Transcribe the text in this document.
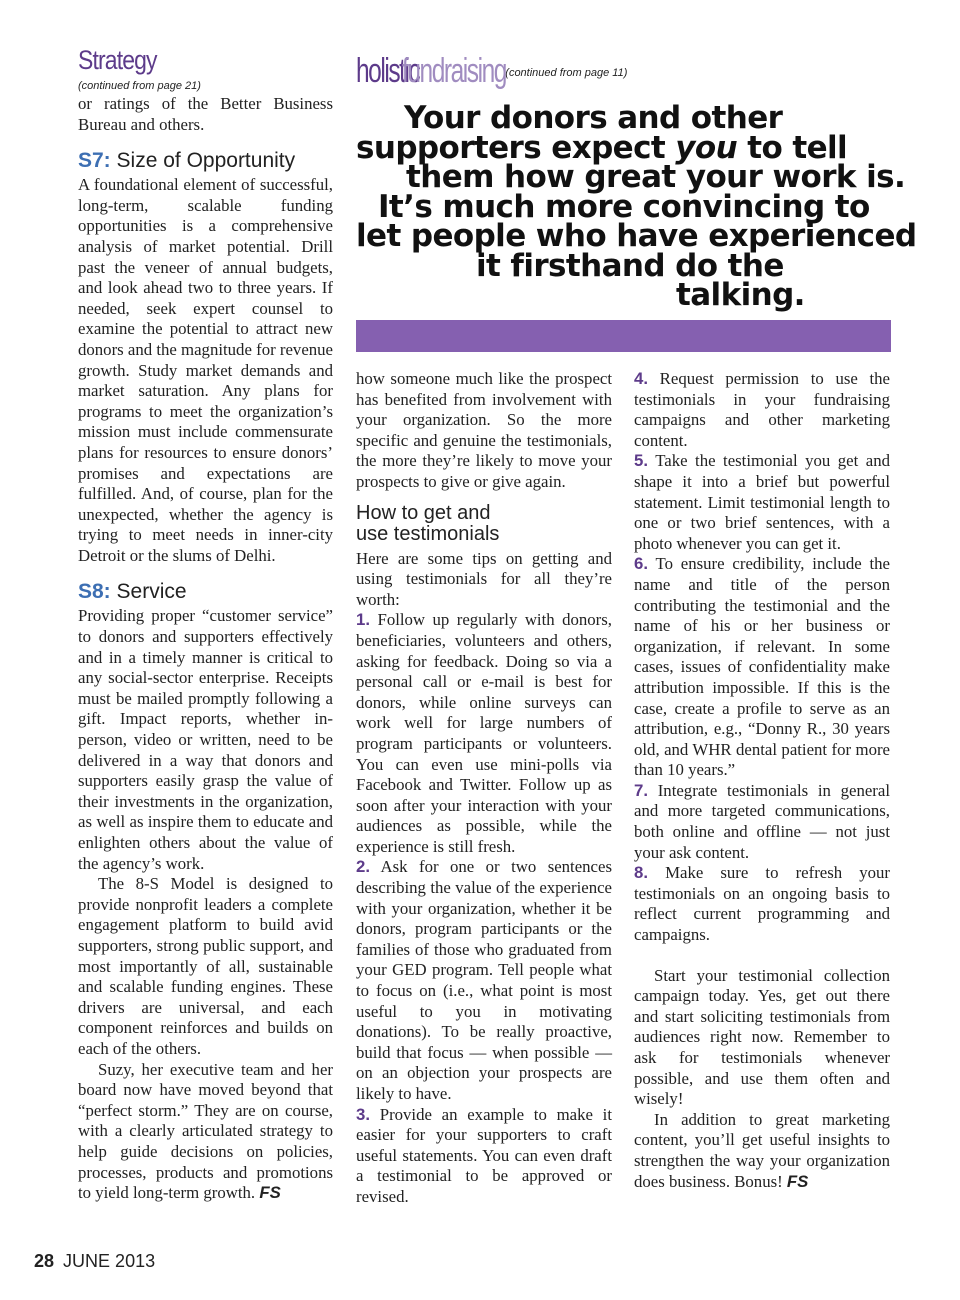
Strategy
(continued from page 21)
or ratings of the Better Business Bureau and others.
S7: Size of Opportunity
A foundational element of successful, long-term, scalable funding opportunities is a comprehensive analysis of market potential. Drill past the veneer of annual budgets, and look ahead two to three years. If needed, seek expert counsel to examine the potential to attract new donors and the magnitude for revenue growth. Study market demands and market saturation. Any plans for programs to meet the organization’s mission must include commensurate plans for resources to ensure donors’ promises and expectations are fulfilled. And, of course, plan for the unexpected, whether the agency is trying to meet needs in inner-city Detroit or the slums of Delhi.
S8: Service
Providing proper “customer service” to donors and supporters effectively and in a timely manner is critical to any social-sector enterprise. Receipts must be mailed promptly following a gift. Impact reports, whether in-person, video or written, need to be delivered in a way that donors and supporters easily grasp the value of their investments in the organization, as well as inspire them to educate and enlighten others about the value of the agency’s work.
The 8-S Model is designed to provide nonprofit leaders a complete engagement platform to build avid supporters, strong public support, and most importantly of all, sustainable and scalable funding engines. These drivers are universal, and each component reinforces and builds on each of the others.
Suzy, her executive team and her board now have moved beyond that “perfect storm.” They are on course, with a clearly articulated strategy to help guide decisions on policies, processes, products and promotions to yield long-term growth. FS
holisticfundraising $^{(continued from page 11)}$
Your donors and other
supporters expect you to tell
them how great your work is.
It’s much more convincing to
let people who have experienced
it firsthand do the
talking.
how someone much like the prospect has benefited from involvement with your organization. So the more specific and genuine the testimonials, the more they’re likely to move your prospects to give or give again.
How to get and
use testimonials
Here are some tips on getting and using testimonials for all they’re worth:
1. Follow up regularly with donors, beneficiaries, volunteers and others, asking for feedback. Doing so via a personal call or e-mail is best for donors, while online surveys can work well for large numbers of program participants or volunteers. You can even use mini-polls via Facebook and Twitter. Follow up as soon after your interaction with your audiences as possible, while the experience is still fresh.
2. Ask for one or two sentences describing the value of the experience with your organization, whether it be donors, program participants or the families of those who graduated from your GED program. Tell people what to focus on (i.e., what point is most useful to you in motivating donations). To be really proactive, build that focus — when possible — on an objection your prospects are likely to have.
3. Provide an example to make it easier for your supporters to craft useful statements. You can even draft a testimonial to be approved or revised.
4. Request permission to use the testimonials in your fundraising campaigns and other marketing content.
5. Take the testimonial you get and shape it into a brief but powerful statement. Limit testimonial length to one or two brief sentences, with a photo whenever you can get it.
6. To ensure credibility, include the name and title of the person contributing the testimonial and the name of his or her business or organization, if relevant. In some cases, issues of confidentiality make attribution impossible. If this is the case, create a profile to serve as an attribution, e.g., “Donny R., 30 years old, and WHR dental patient for more than 10 years.”
7. Integrate testimonials in general and more targeted communications, both online and offline — not just your ask content.
8. Make sure to refresh your testimonials on an ongoing basis to reflect current programming and campaigns.
Start your testimonial collection campaign today. Yes, get out there and start soliciting testimonials from audiences right now. Remember to ask for testimonials whenever possible, and use them often and wisely!
In addition to great marketing content, you’ll get useful insights to strengthen the way your organization does business. Bonus! FS
28 JUNE 2013
